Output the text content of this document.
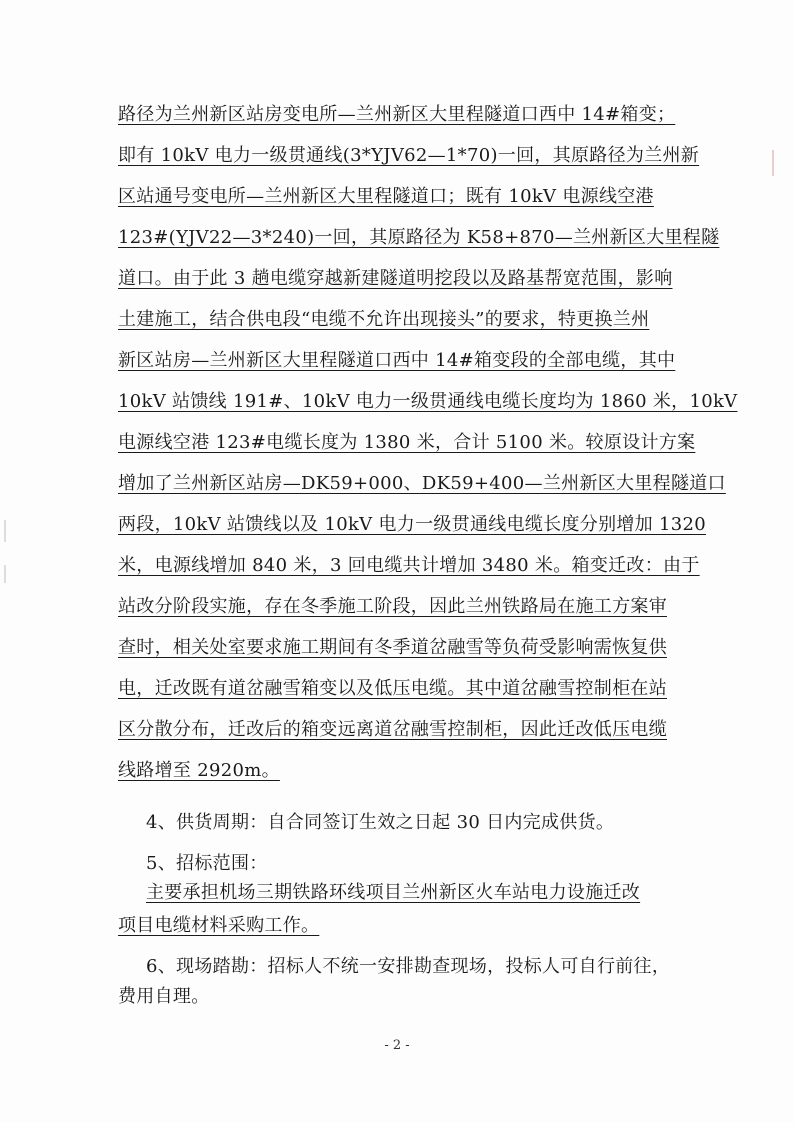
路径为兰州新区站房变电所—兰州新区大里程隧道口西中 14#箱变；
即有 10kV 电力一级贯通线(3*YJV62—1*70)一回，其原路径为兰州新
区站通号变电所—兰州新区大里程隧道口；既有 10kV 电源线空港
123#(YJV22—3*240)一回，其原路径为 K58+870—兰州新区大里程隧
道口。由于此 3 趟电缆穿越新建隧道明挖段以及路基帮宽范围，影响
土建施工，结合供电段“电缆不允许出现接头”的要求，特更换兰州
新区站房—兰州新区大里程隧道口西中 14#箱变段的全部电缆，其中
10kV 站馈线 191#、10kV 电力一级贯通线电缆长度均为 1860 米，10kV
电源线空港 123#电缆长度为 1380 米，合计 5100 米。较原设计方案
增加了兰州新区站房—DK59+000、DK59+400—兰州新区大里程隧道口
两段，10kV 站馈线以及 10kV 电力一级贯通线电缆长度分别增加 1320
米，电源线增加 840 米，3 回电缆共计增加 3480 米。箱变迁改：由于
站改分阶段实施，存在冬季施工阶段，因此兰州铁路局在施工方案审
查时，相关处室要求施工期间有冬季道岔融雪等负荷受影响需恢复供
电，迁改既有道岔融雪箱变以及低压电缆。其中道岔融雪控制柜在站
区分散分布，迁改后的箱变远离道岔融雪控制柜，因此迁改低压电缆
线路增至 2920m。
4、供货周期：自合同签订生效之日起 30 日内完成供货。
5、招标范围：
主要承担机场三期铁路环线项目兰州新区火车站电力设施迁改
项目电缆材料采购工作。
6、现场踏勘：招标人不统一安排勘查现场，投标人可自行前往，
费用自理。
- 2 -
